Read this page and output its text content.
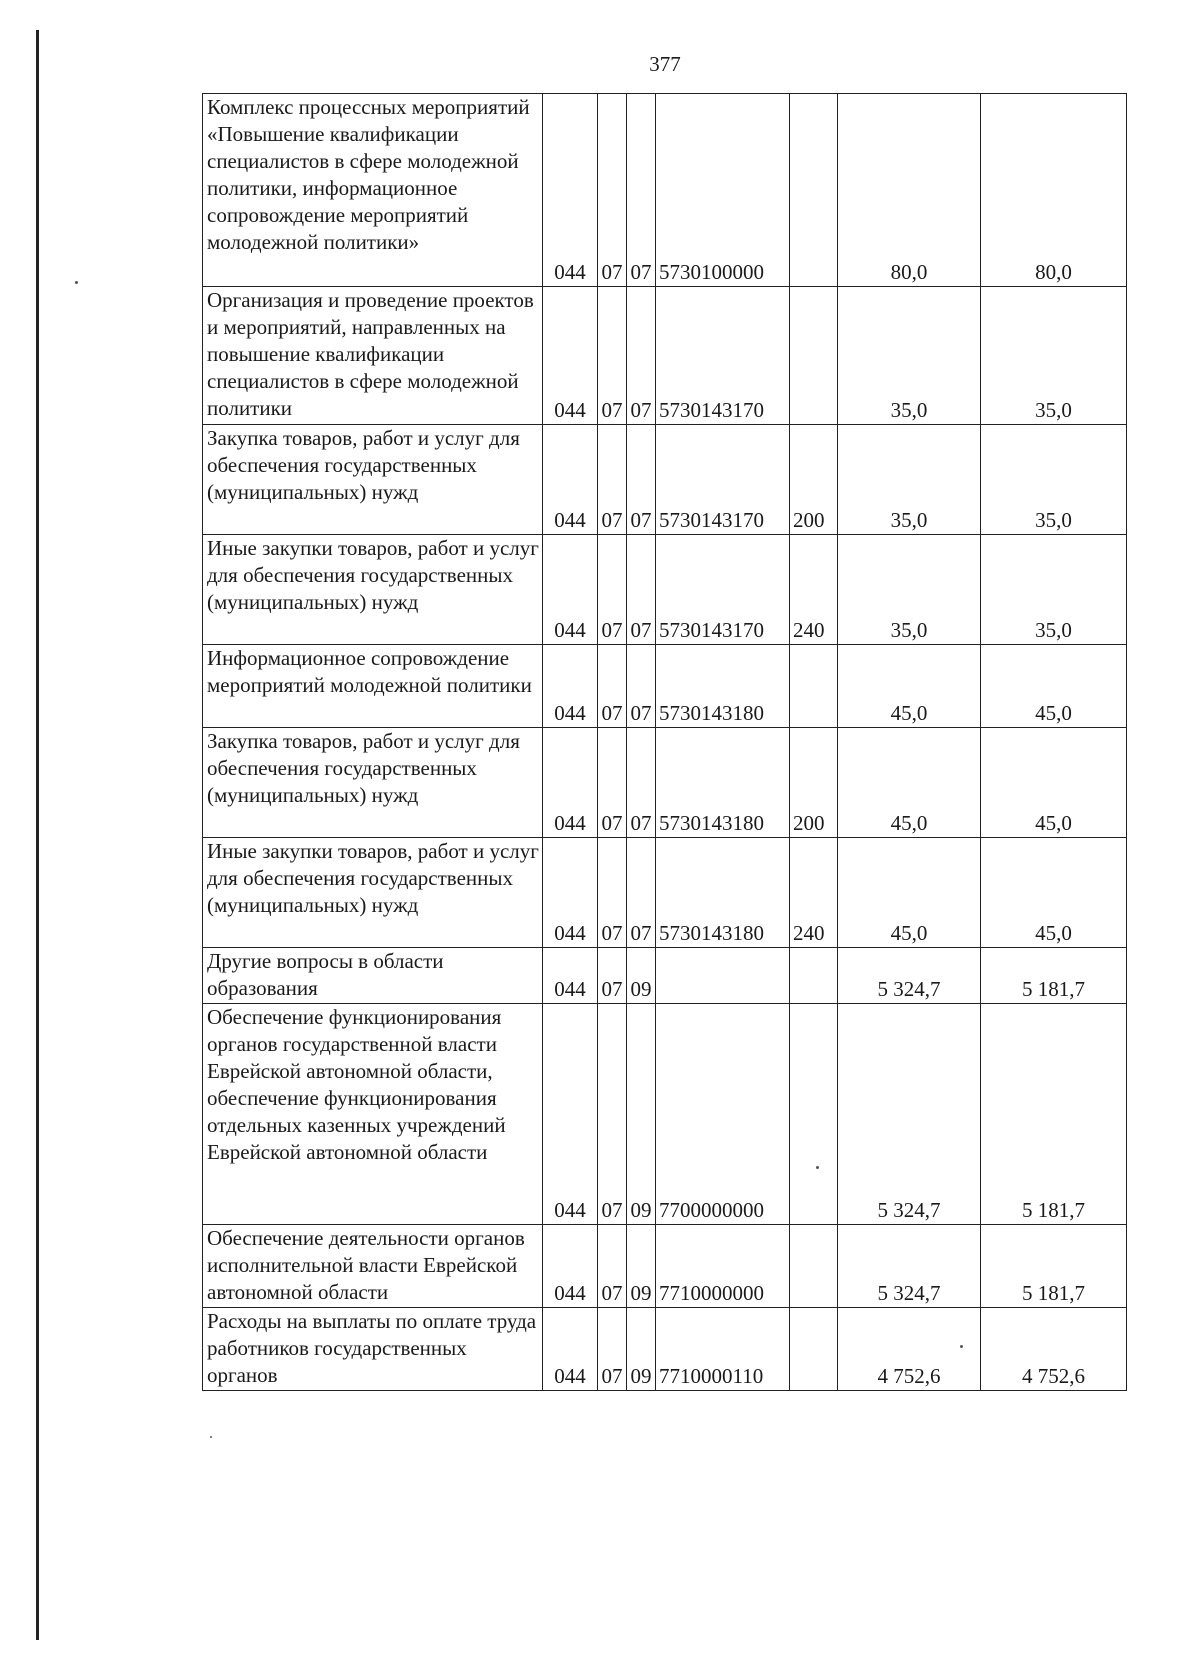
377
Комплекс процессных мероприятий «Повышение квалификации специалистов в сфере молодежной политики, информационное сопровождение мероприятий молодежной политики»	044	07	07	5730100000		80,0	80,0

Организация и проведение проектов и мероприятий, направленных на повышение квалификации специалистов в сфере молодежной политики	044	07	07	5730143170		35,0	35,0

Закупка товаров, работ и услуг для обеспечения государственных (муниципальных) нужд	044	07	07	5730143170	200	35,0	35,0

Иные закупки товаров, работ и услуг для обеспечения государственных (муниципальных) нужд	044	07	07	5730143170	240	35,0	35,0

Информационное сопровождение мероприятий молодежной политики	044	07	07	5730143180		45,0	45,0

Закупка товаров, работ и услуг для обеспечения государственных (муниципальных) нужд	044	07	07	5730143180	200	45,0	45,0

Иные закупки товаров, работ и услуг для обеспечения государственных (муниципальных) нужд	044	07	07	5730143180	240	45,0	45,0

Другие вопросы в области образования	044	07	09			5 324,7	5 181,7

Обеспечение функционирования органов государственной власти Еврейской автономной области, обеспечение функционирования отдельных казенных учреждений Еврейской автономной области	044	07	09	7700000000		5 324,7	5 181,7

Обеспечение деятельности органов исполнительной власти Еврейской автономной области	044	07	09	7710000000		5 324,7	5 181,7

Расходы на выплаты по оплате труда работников государственных органов	044	07	09	7710000110		4 752,6	4 752,6
